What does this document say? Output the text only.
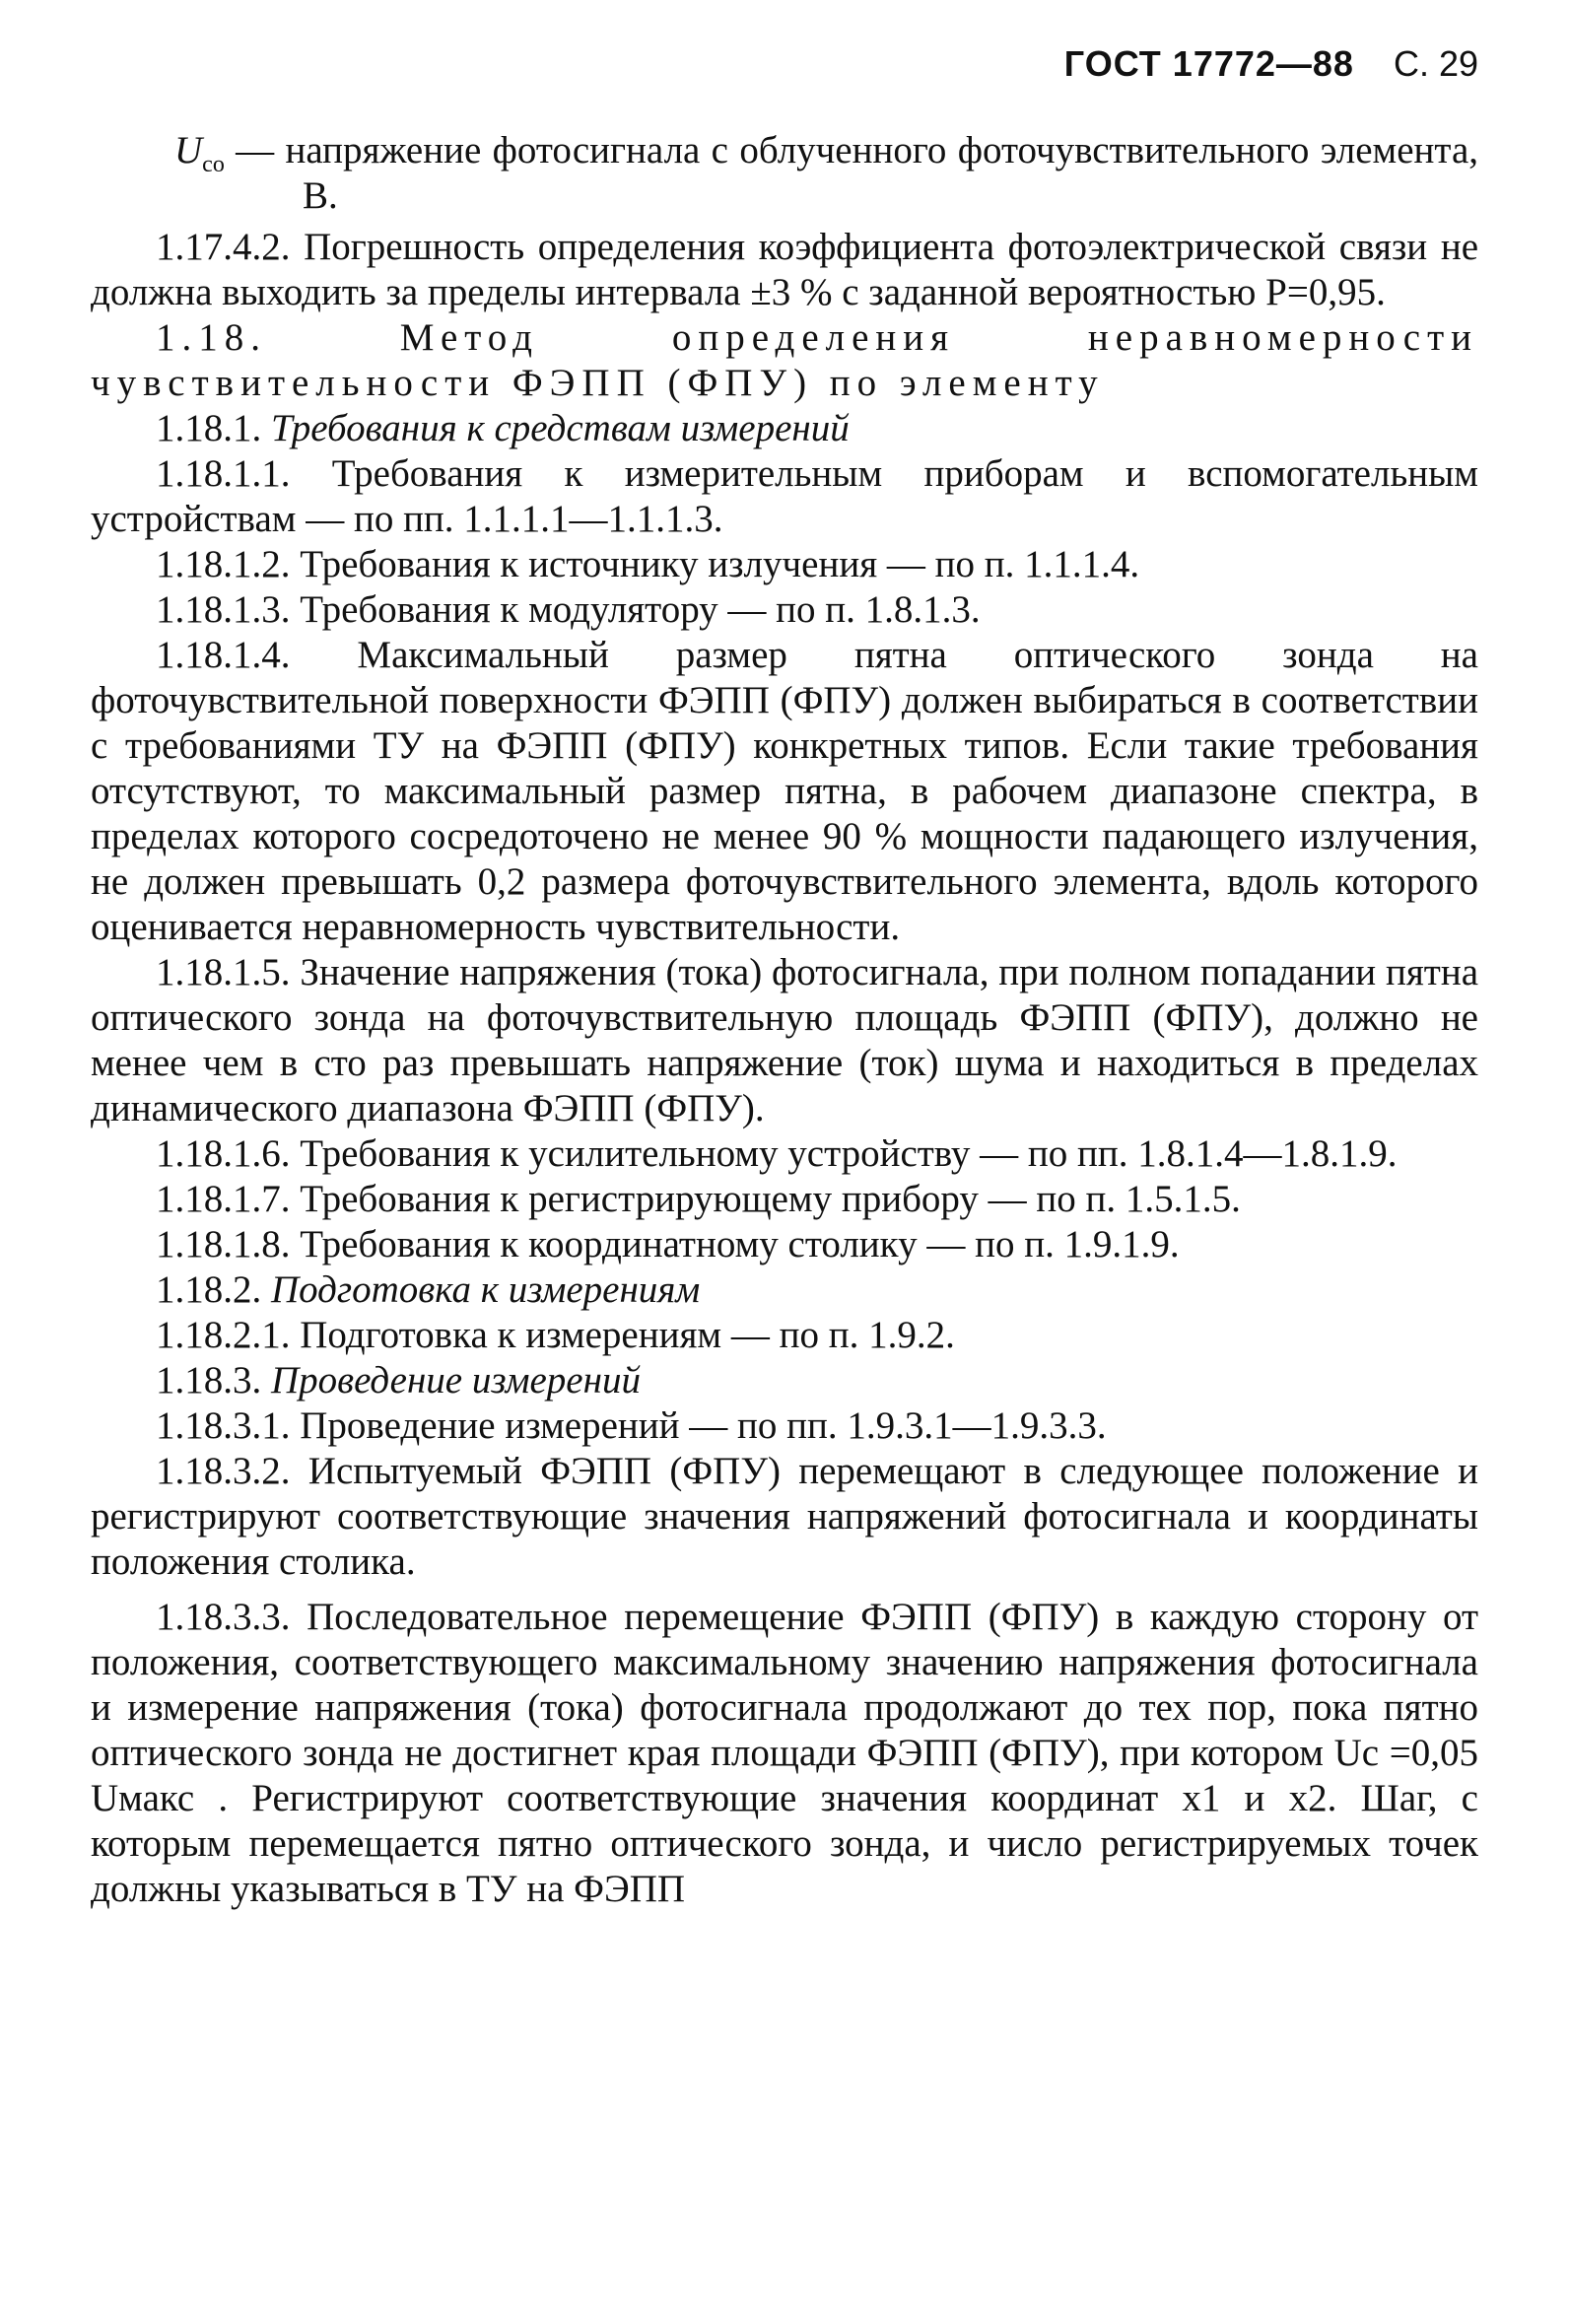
ГОСТ 17772—88 С. 29

$U_{со}$ — напряжение фотосигнала с облученного фоточувствительного элемента, В.

1.17.4.2. Погрешность определения коэффициента фотоэлектрической связи не должна выходить за пределы интервала ±3 % с заданной вероятностью P=0,95.

1.18. Метод определения неравномерности чувствительности ФЭПП (ФПУ) по элементу

1.18.1. Требования к средствам измерений

1.18.1.1. Требования к измерительным приборам и вспомогательным устройствам — по пп. 1.1.1.1—1.1.1.3.

1.18.1.2. Требования к источнику излучения — по п. 1.1.1.4.

1.18.1.3. Требования к модулятору — по п. 1.8.1.3.

1.18.1.4. Максимальный размер пятна оптического зонда на фоточувствительной поверхности ФЭПП (ФПУ) должен выбираться в соответствии с требованиями ТУ на ФЭПП (ФПУ) конкретных типов. Если такие требования отсутствуют, то максимальный размер пятна, в рабочем диапазоне спектра, в пределах которого сосредоточено не менее 90 % мощности падающего излучения, не должен превышать 0,2 размера фоточувствительного элемента, вдоль которого оценивается неравномерность чувствительности.

1.18.1.5. Значение напряжения (тока) фотосигнала, при полном попадании пятна оптического зонда на фоточувствительную площадь ФЭПП (ФПУ), должно не менее чем в сто раз превышать напряжение (ток) шума и находиться в пределах динамического диапазона ФЭПП (ФПУ).

1.18.1.6. Требования к усилительному устройству — по пп. 1.8.1.4—1.8.1.9.

1.18.1.7. Требования к регистрирующему прибору — по п. 1.5.1.5.

1.18.1.8. Требования к координатному столику — по п. 1.9.1.9.

1.18.2. Подготовка к измерениям

1.18.2.1. Подготовка к измерениям — по п. 1.9.2.

1.18.3. Проведение измерений

1.18.3.1. Проведение измерений — по пп. 1.9.3.1—1.9.3.3.

1.18.3.2. Испытуемый ФЭПП (ФПУ) перемещают в следующее положение и регистрируют соответствующие значения напряжений фотосигнала и координаты положения столика.

1.18.3.3. Последовательное перемещение ФЭПП (ФПУ) в каждую сторону от положения, соответствующего максимальному значению напряжения фотосигнала и измерение напряжения (тока) фотосигнала продолжают до тех пор, пока пятно оптического зонда не достигнет края площади ФЭПП (ФПУ), при котором Uс =0,05 Uмакс . Регистрируют соответствующие значения координат x1 и x2. Шаг, с которым перемещается пятно оптического зонда, и число регистрируемых точек должны указываться в ТУ на ФЭПП
